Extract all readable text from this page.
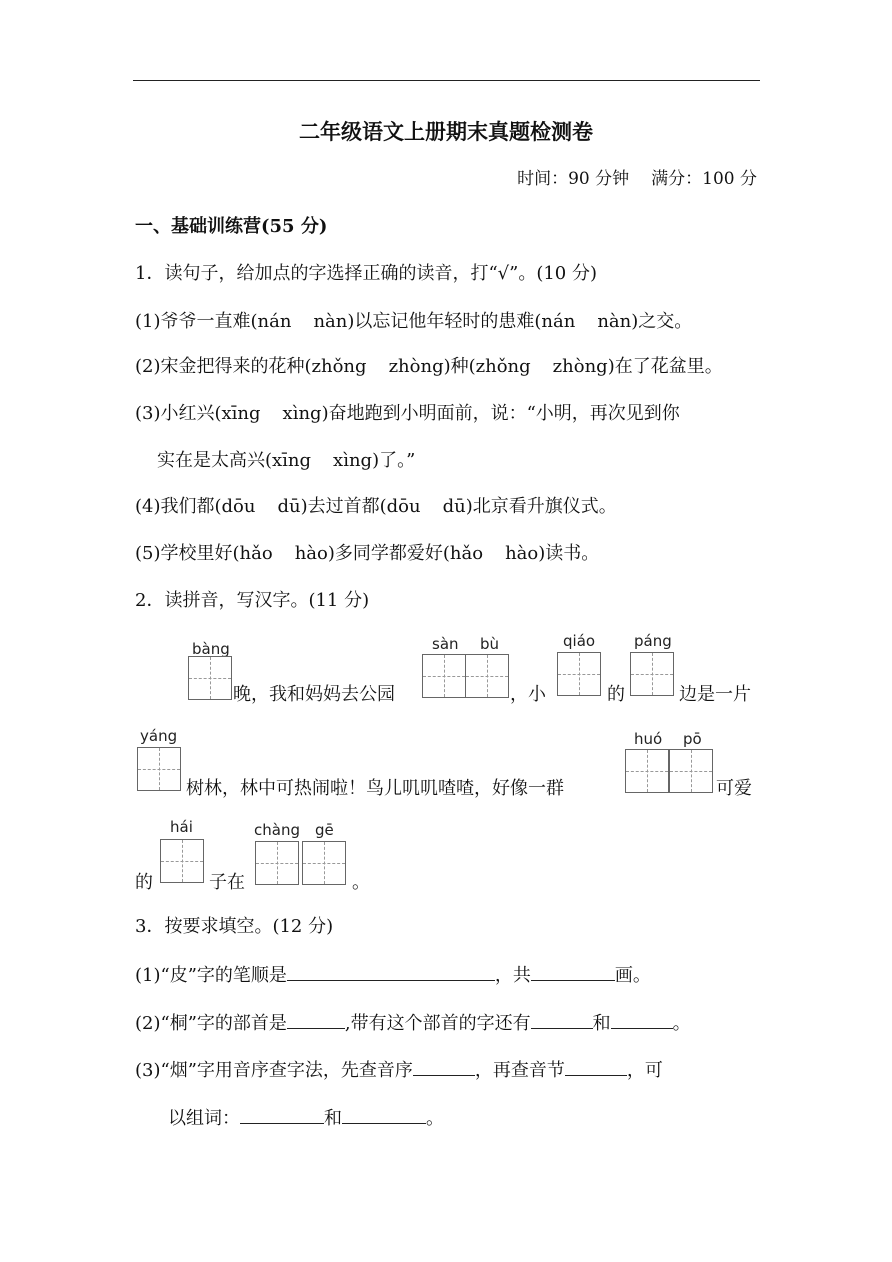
二年级语文上册期末真题检测卷
时间：90 分钟 满分：100 分
一、基础训练营(55 分)
1．读句子，给加点的字选择正确的读音，打“√”。(10 分)
(1)爷爷一直难(nán nàn)以忘记他年轻时的患难(nán nàn)之交。
(2)宋金把得来的花种(zhǒng zhòng)种(zhǒng zhòng)在了花盆里。
(3)小红兴(xīng xìng)奋地跑到小明面前，说：“小明，再次见到你
实在是太高兴(xīng xìng)了。”
(4)我们都(dōu dū)去过首都(dōu dū)北京看升旗仪式。
(5)学校里好(hǎo hào)多同学都爱好(hǎo hào)读书。
2．读拼音，写汉字。(11 分)
bàng
晚，我和妈妈去公园
sàn bù
，小
qiáo
的
páng
边是一片
yáng
树林，林中可热闹啦！鸟儿叽叽喳喳，好像一群
huó pō
可爱
的
hái
子在
chàng gē
。
3．按要求填空。(12 分)
(1)“皮”字的笔顺是	，共	画。
(2)“桐”字的部首是	,带有这个部首的字还有	和	。
(3)“烟”字用音序查字法，先查音序	，再查音节	，可
以组词：	和	。
